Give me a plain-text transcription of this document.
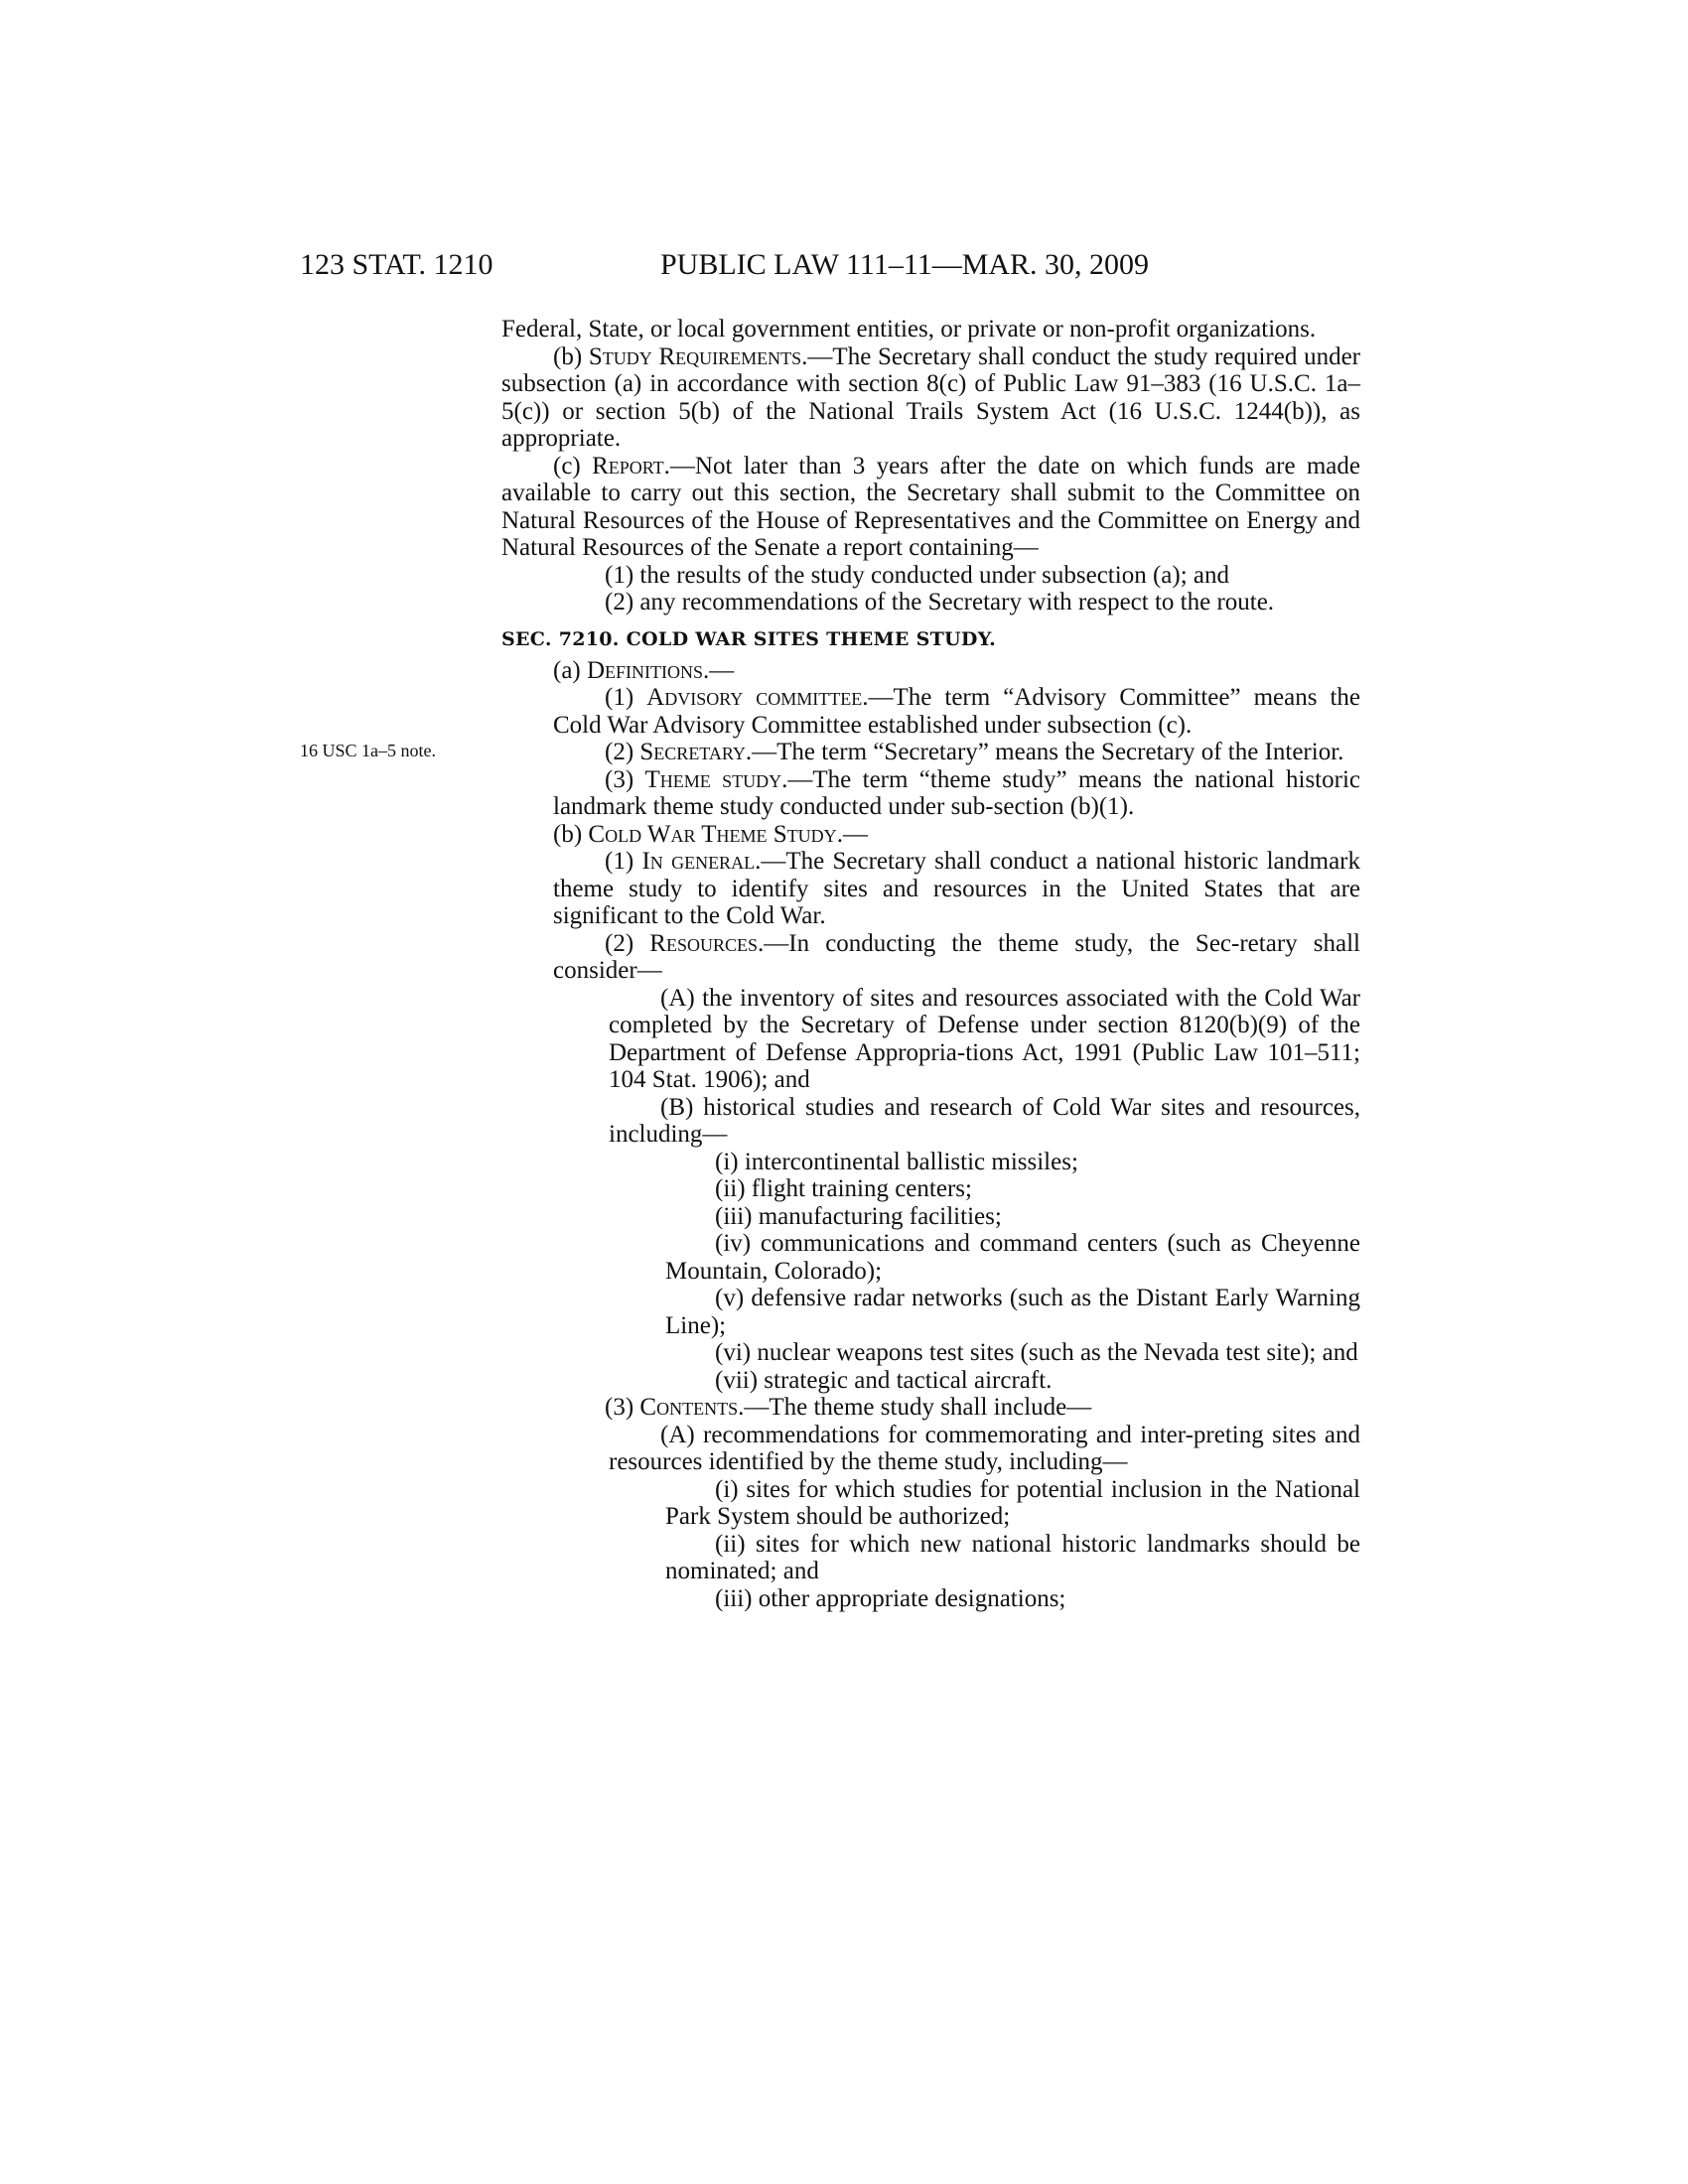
123 STAT. 1210	PUBLIC LAW 111–11—MAR. 30, 2009
16 USC 1a–5 note.

Federal, State, or local government entities, or private or non-profit organizations.

(b) Study Requirements.—The Secretary shall conduct the study required under subsection (a) in accordance with section 8(c) of Public Law 91–383 (16 U.S.C. 1a–5(c)) or section 5(b) of the National Trails System Act (16 U.S.C. 1244(b)), as appropriate.

(c) Report.—Not later than 3 years after the date on which funds are made available to carry out this section, the Secretary shall submit to the Committee on Natural Resources of the House of Representatives and the Committee on Energy and Natural Resources of the Senate a report containing—

(1) the results of the study conducted under subsection (a); and

(2) any recommendations of the Secretary with respect to the route.

SEC. 7210. COLD WAR SITES THEME STUDY.

(a) Definitions.—

(1) Advisory committee.—The term “Advisory Committee” means the Cold War Advisory Committee established under subsection (c).

(2) Secretary.—The term “Secretary” means the Secretary of the Interior.

(3) Theme study.—The term “theme study” means the national historic landmark theme study conducted under sub-section (b)(1).

(b) Cold War Theme Study.—

(1) In general.—The Secretary shall conduct a national historic landmark theme study to identify sites and resources in the United States that are significant to the Cold War.

(2) Resources.—In conducting the theme study, the Sec-retary shall consider—

(A) the inventory of sites and resources associated with the Cold War completed by the Secretary of Defense under section 8120(b)(9) of the Department of Defense Appropria-tions Act, 1991 (Public Law 101–511; 104 Stat. 1906); and

(B) historical studies and research of Cold War sites and resources, including—

(i) intercontinental ballistic missiles;

(ii) flight training centers;

(iii) manufacturing facilities;

(iv) communications and command centers (such as Cheyenne Mountain, Colorado);

(v) defensive radar networks (such as the Distant Early Warning Line);

(vi) nuclear weapons test sites (such as the Nevada test site); and

(vii) strategic and tactical aircraft.

(3) Contents.—The theme study shall include—

(A) recommendations for commemorating and inter-preting sites and resources identified by the theme study, including—

(i) sites for which studies for potential inclusion in the National Park System should be authorized;

(ii) sites for which new national historic landmarks should be nominated; and

(iii) other appropriate designations;
